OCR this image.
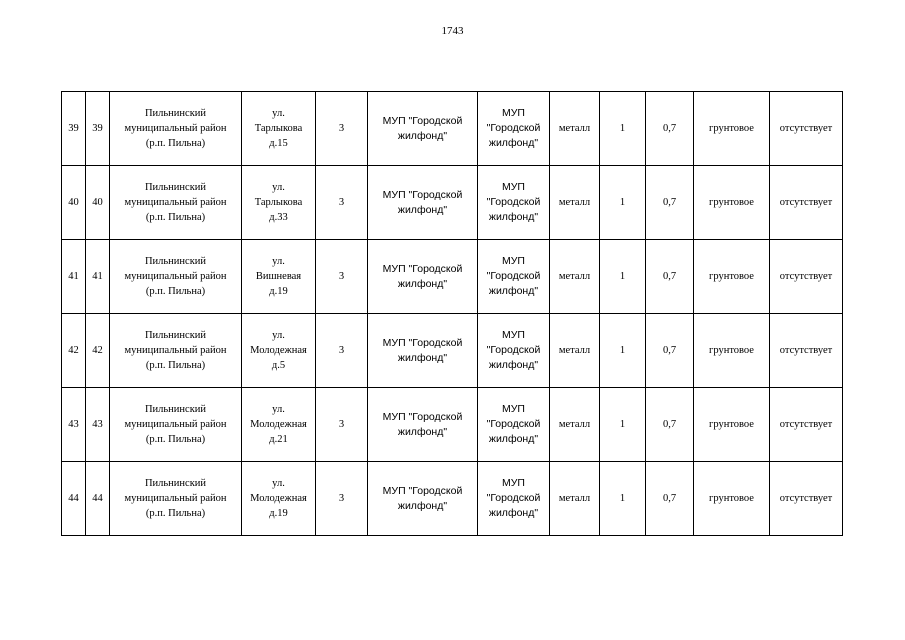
1743
39	39	Пильнинский
муниципальный район
(р.п. Пильна)	ул.
Тарлыкова
д.15	3	МУП "Городской
жилфонд"	МУП
"Городской
жилфонд"	металл	1	0,7	грунтовое	отсутствует

40	40	Пильнинский
муниципальный район
(р.п. Пильна)	ул.
Тарлыкова
д.33	3	МУП "Городской
жилфонд"	МУП
"Городской
жилфонд"	металл	1	0,7	грунтовое	отсутствует

41	41	Пильнинский
муниципальный район
(р.п. Пильна)	ул.
Вишневая
д.19	3	МУП "Городской
жилфонд"	МУП
"Городской
жилфонд"	металл	1	0,7	грунтовое	отсутствует

42	42	Пильнинский
муниципальный район
(р.п. Пильна)	ул.
Молодежная
д.5	3	МУП "Городской
жилфонд"	МУП
"Городской
жилфонд"	металл	1	0,7	грунтовое	отсутствует

43	43	Пильнинский
муниципальный район
(р.п. Пильна)	ул.
Молодежная
д.21	3	МУП "Городской
жилфонд"	МУП
"Городской
жилфонд"	металл	1	0,7	грунтовое	отсутствует

44	44	Пильнинский
муниципальный район
(р.п. Пильна)	ул.
Молодежная
д.19	3	МУП "Городской
жилфонд"	МУП
"Городской
жилфонд"	металл	1	0,7	грунтовое	отсутствует
